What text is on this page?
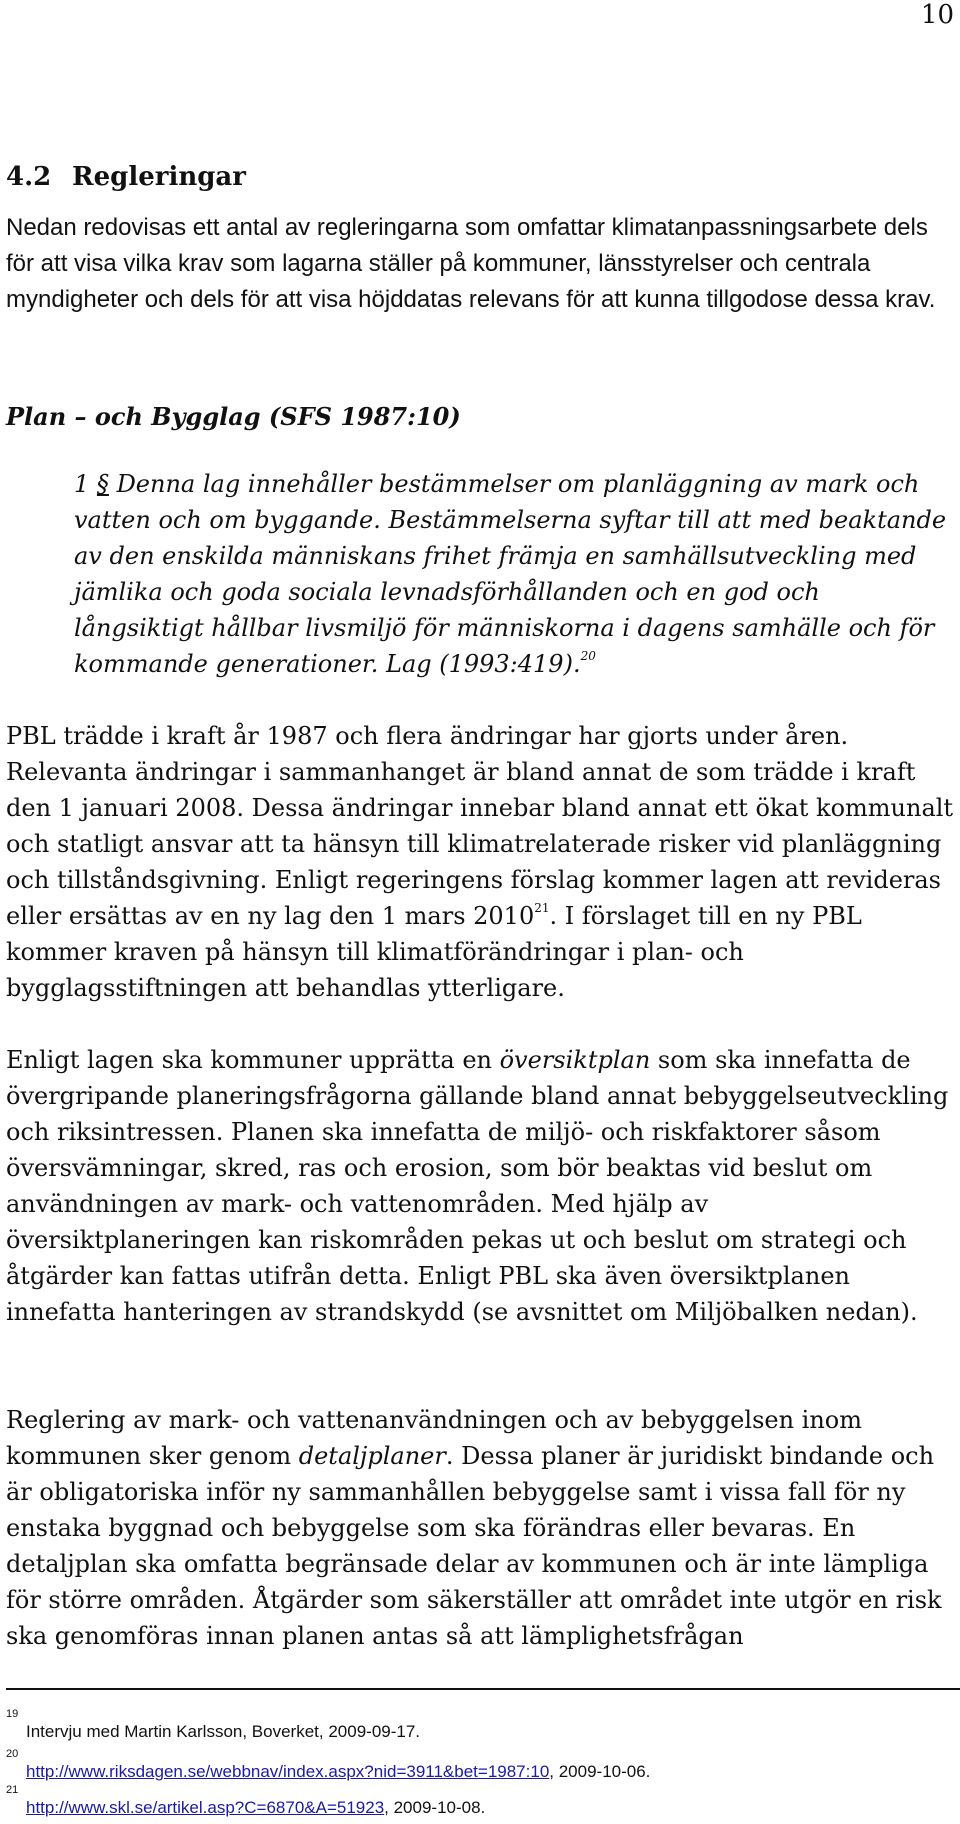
10
4.2 Regleringar

Nedan redovisas ett antal av regleringarna som omfattar klimatanpassningsarbete dels för att visa vilka krav som lagarna ställer på kommuner, länsstyrelser och centrala myndigheter och dels för att visa höjddatas relevans för att kunna tillgodose dessa krav.

Plan – och Bygglag (SFS 1987:10)

1 § Denna lag innehåller bestämmelser om planläggning av mark och vatten och om byggande. Bestämmelserna syftar till att med beaktande av den enskilda människans frihet främja en samhällsutveckling med jämlika och goda sociala levnadsförhållanden och en god och långsiktigt hållbar livsmiljö för människorna i dagens samhälle och för kommande generationer. Lag (1993:419).$^{20}$

PBL trädde i kraft år 1987 och flera ändringar har gjorts under åren. Relevanta ändringar i sammanhanget är bland annat de som trädde i kraft den 1 januari 2008. Dessa ändringar innebar bland annat ett ökat kommunalt och statligt ansvar att ta hänsyn till klimatrelaterade risker vid planläggning och tillståndsgivning. Enligt regeringens förslag kommer lagen att revideras eller ersättas av en ny lag den 1 mars 2010$^{21}$. I förslaget till en ny PBL kommer kraven på hänsyn till klimatförändringar i plan- och bygglagsstiftningen att behandlas ytterligare.

Enligt lagen ska kommuner upprätta en översiktplan som ska innefatta de övergripande planeringsfrågorna gällande bland annat bebyggelseutveckling och riksintressen. Planen ska innefatta de miljö- och riskfaktorer såsom översvämningar, skred, ras och erosion, som bör beaktas vid beslut om användningen av mark- och vattenområden. Med hjälp av översiktplaneringen kan riskområden pekas ut och beslut om strategi och åtgärder kan fattas utifrån detta. Enligt PBL ska även översiktplanen innefatta hanteringen av strandskydd (se avsnittet om Miljöbalken nedan).

Reglering av mark- och vattenanvändningen och av bebyggelsen inom kommunen sker genom detaljplaner. Dessa planer är juridiskt bindande och är obligatoriska inför ny sammanhållen bebyggelse samt i vissa fall för ny enstaka byggnad och bebyggelse som ska förändras eller bevaras. En detaljplan ska omfatta begränsade delar av kommunen och är inte lämpliga för större områden. Åtgärder som säkerställer att området inte utgör en risk ska genomföras innan planen antas så att lämplighetsfrågan

19
Intervju med Martin Karlsson, Boverket, 2009-09-17.
20
http://www.riksdagen.se/webbnav/index.aspx?nid=3911&bet=1987:10, 2009-10-06.
21
http://www.skl.se/artikel.asp?C=6870&A=51923, 2009-10-08.
